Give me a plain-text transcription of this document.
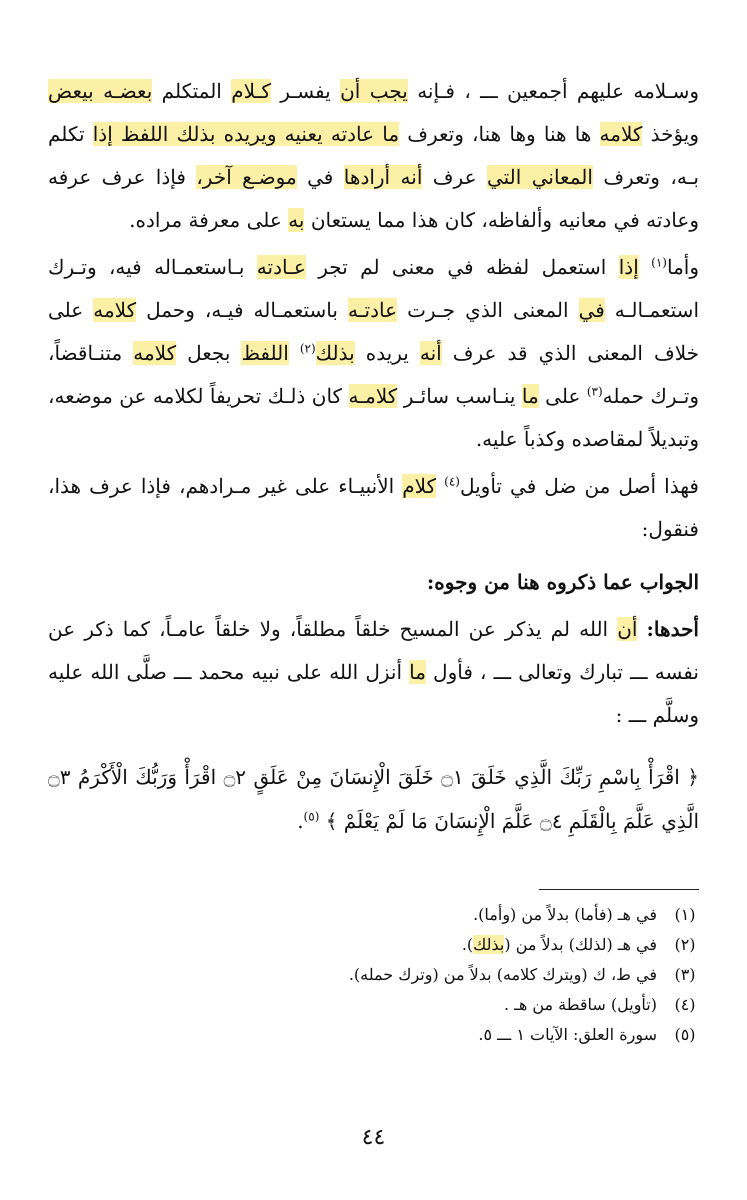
وسـلامه عليهم أجمعين ـــ ، فـإنه يجب أن يفسـر كـلام المتكلم بعضـه بيعض ويؤخذ كلامه ها هنا وها هنا، وتعرف ما عادته يعنيه ويريده بذلك اللفظ إذا تكلم بـه، وتعرف المعاني التي عرف أنه أرادها في موضـع آخر، فإذا عرف عرفه وعادته في معانيه وألفاظه، كان هذا مما يستعان به على معرفة مراده.

وأما$^{(١)}$ إذا استعمل لفظه في معنى لم تجر عـادته بـاستعمـاله فيه، وتـرك استعمـالـه في المعنى الذي جـرت عادتـه باستعمـاله فيـه، وحمل كلامه على خلاف المعنى الذي قد عرف أنه يريده بذلك$^{(٢)}$ اللفظ بجعل كلامه متنـاقضاً، وتـرك حمله$^{(٣)}$ على ما ينـاسب سائـر كلامـه كان ذلـك تحريفاً لكلامه عن موضعه، وتبديلاً لمقاصده وكذباً عليه.

فهذا أصل من ضل في تأويل$^{(٤)}$ كلام الأنبيـاء على غير مـرادهم، فإذا عرف هذا، فنقول:

الجواب عما ذكروه هنا من وجوه:

أحدها: أن الله لم يذكر عن المسيح خلقاً مطلقاً، ولا خلقاً عامـاً، كما ذكر عن نفسه ـــ تبارك وتعالى ـــ ، فأول ما أنزل الله على نبيه محمد ـــ صلَّى الله عليه وسلَّم ـــ :

﴿ اقْرَأْ بِاسْمِ رَبِّكَ الَّذِي خَلَقَ ۝١ خَلَقَ الْإِنسَانَ مِنْ عَلَقٍ ۝٢ اقْرَأْ وَرَبُّكَ الْأَكْرَمُ ۝٣ الَّذِي عَلَّمَ بِالْقَلَمِ ۝٤ عَلَّمَ الْإِنسَانَ مَا لَمْ يَعْلَمْ ﴾ $^{(٥)}$.

(١)
في هـ (فأما) بدلاً من (وأما).
(٢)
في هـ (لذلك) بدلاً من (بذلك).
(٣)
في ط، ك (ويترك كلامه) بدلاً من (وترك حمله).
(٤)
(تأويل) ساقطة من هـ .
(٥)
سورة العلق: الآيات ١ ـــ ٥.
٤٤
